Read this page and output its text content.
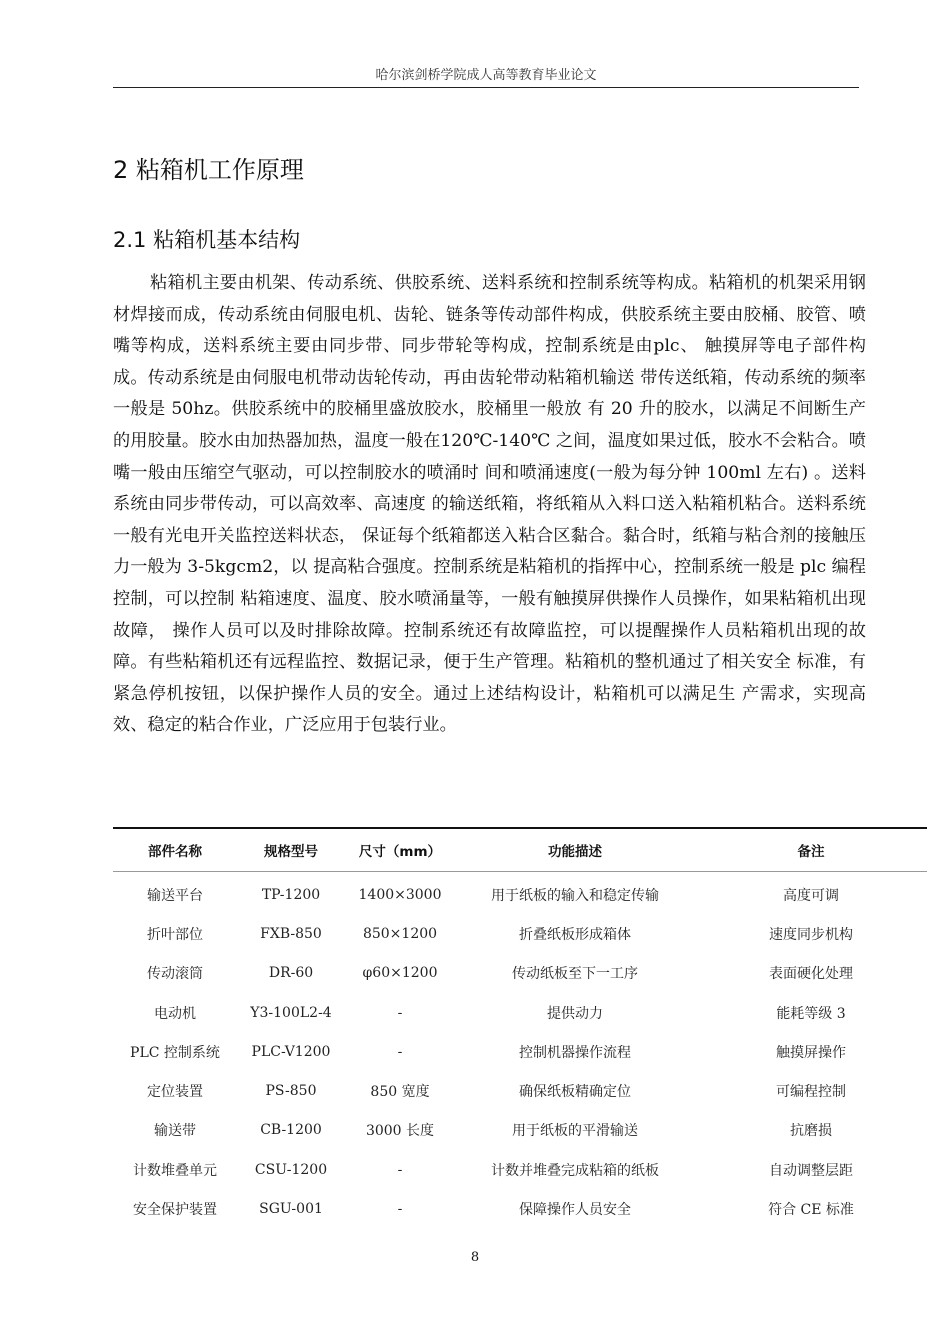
哈尔滨剑桥学院成人高等教育毕业论文
2 粘箱机工作原理
2.1 粘箱机基本结构

粘箱机主要由机架、传动系统、供胶系统、送料系统和控制系统等构成。粘箱机的机架采用钢材焊接而成，传动系统由伺服电机、齿轮、链条等传动部件构成，供胶系统主要由胶桶、胶管、喷嘴等构成，送料系统主要由同步带、同步带轮等构成，控制系统是由plc、 触摸屏等电子部件构成。传动系统是由伺服电机带动齿轮传动，再由齿轮带动粘箱机输送 带传送纸箱，传动系统的频率一般是 50hz。供胶系统中的胶桶里盛放胶水，胶桶里一般放 有 20 升的胶水，以满足不间断生产的用胶量。胶水由加热器加热，温度一般在120℃-140℃ 之间，温度如果过低，胶水不会粘合。喷嘴一般由压缩空气驱动，可以控制胶水的喷涌时 间和喷涌速度(一般为每分钟 100ml 左右) 。送料系统由同步带传动，可以高效率、高速度 的输送纸箱，将纸箱从入料口送入粘箱机粘合。送料系统一般有光电开关监控送料状态， 保证每个纸箱都送入粘合区黏合。黏合时，纸箱与粘合剂的接触压力一般为 3-5kgcm2，以 提高粘合强度。控制系统是粘箱机的指挥中心，控制系统一般是 plc 编程控制，可以控制 粘箱速度、温度、胶水喷涌量等，一般有触摸屏供操作人员操作，如果粘箱机出现故障， 操作人员可以及时排除故障。控制系统还有故障监控，可以提醒操作人员粘箱机出现的故 障。有些粘箱机还有远程监控、数据记录，便于生产管理。粘箱机的整机通过了相关安全 标准，有紧急停机按钮，以保护操作人员的安全。通过上述结构设计，粘箱机可以满足生 产需求，实现高效、稳定的粘合作业，广泛应用于包装行业。

部件名称	规格型号	尺寸（mm）	功能描述	备注
输送平台	TP-1200	1400×3000	用于纸板的输入和稳定传输	高度可调
折叶部位	FXB-850	850×1200	折叠纸板形成箱体	速度同步机构
传动滚筒	DR-60	φ60×1200	传动纸板至下一工序	表面硬化处理
电动机	Y3-100L2-4	-	提供动力	能耗等级 3
PLC 控制系统	PLC-V1200	-	控制机器操作流程	触摸屏操作
定位装置	PS-850	850 宽度	确保纸板精确定位	可编程控制
输送带	CB-1200	3000 长度	用于纸板的平滑输送	抗磨损
计数堆叠单元	CSU-1200	-	计数并堆叠完成粘箱的纸板	自动调整层距
安全保护装置	SGU-001	-	保障操作人员安全	符合 CE 标准
8
